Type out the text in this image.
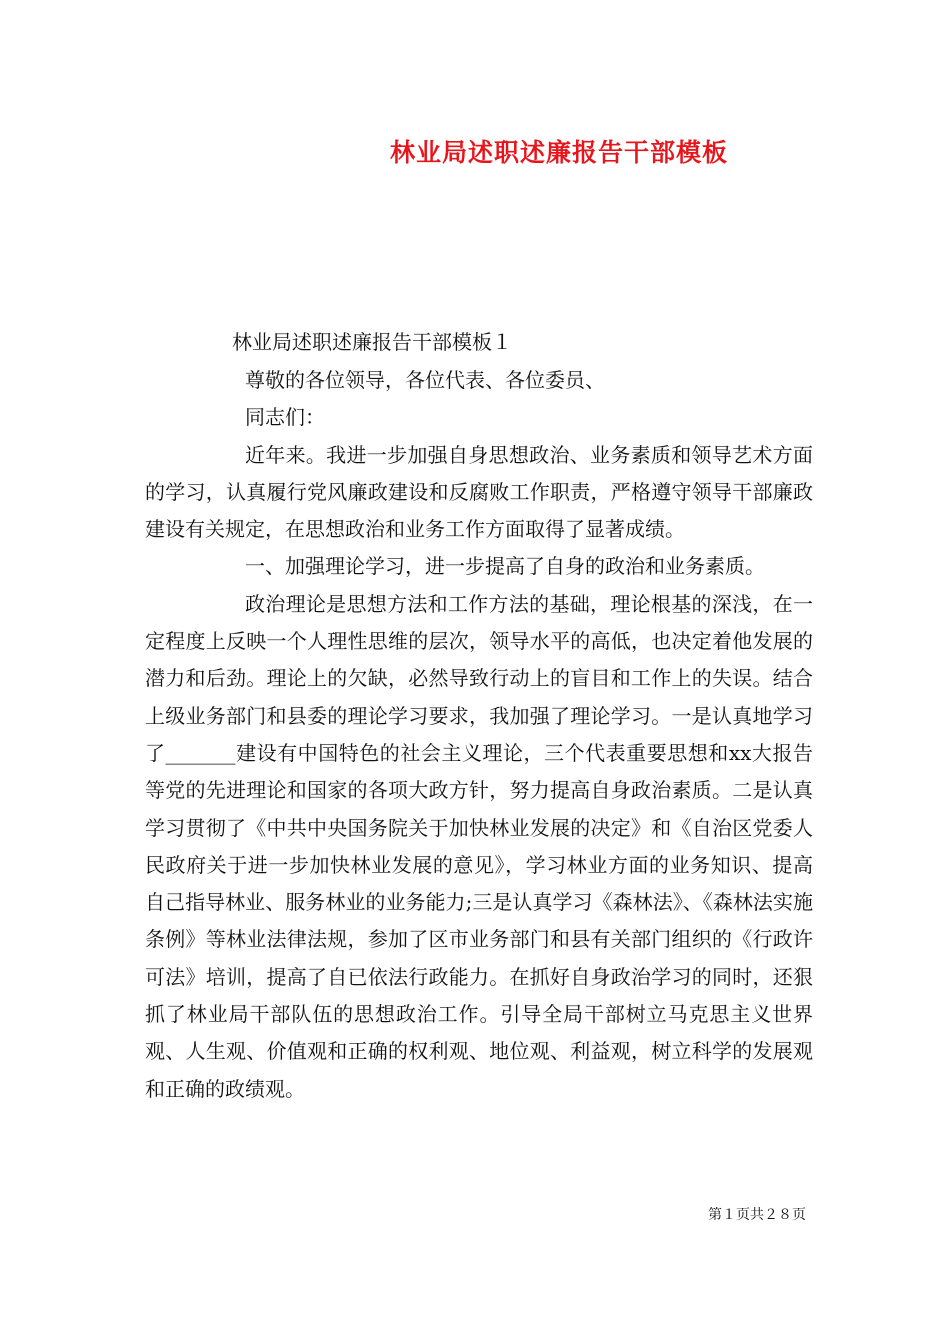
林业局述职述廉报告干部模板
林业局述职述廉报告干部模板１

尊敬的各位领导，各位代表、各位委员、

同志们：

近年来。我进一步加强自身思想政治、业务素质和领导艺术方面的学习，认真履行党风廉政建设和反腐败工作职责，严格遵守领导干部廉政建设有关规定，在思想政治和业务工作方面取得了显著成绩。

一、加强理论学习，进一步提高了自身的政治和业务素质。

政治理论是思想方法和工作方法的基础，理论根基的深浅，在一定程度上反映一个人理性思维的层次，领导水平的高低，也决定着他发展的潜力和后劲。理论上的欠缺，必然导致行动上的盲目和工作上的失误。结合上级业务部门和县委的理论学习要求，我加强了理论学习。一是认真地学习了_______建设有中国特色的社会主义理论，三个代表重要思想和xx大报告等党的先进理论和国家的各项大政方针，努力提高自身政治素质。二是认真学习贯彻了《中共中央国务院关于加快林业发展的决定》和《自治区党委人民政府关于进一步加快林业发展的意见》，学习林业方面的业务知识、提高自己指导林业、服务林业的业务能力;三是认真学习《森林法》、《森林法实施条例》等林业法律法规，参加了区市业务部门和县有关部门组织的《行政许可法》培训，提高了自已依法行政能力。在抓好自身政治学习的同时，还狠抓了林业局干部队伍的思想政治工作。引导全局干部树立马克思主义世界观、人生观、价值观和正确的权利观、地位观、利益观，树立科学的发展观和正确的政绩观。

第１页共２８页
